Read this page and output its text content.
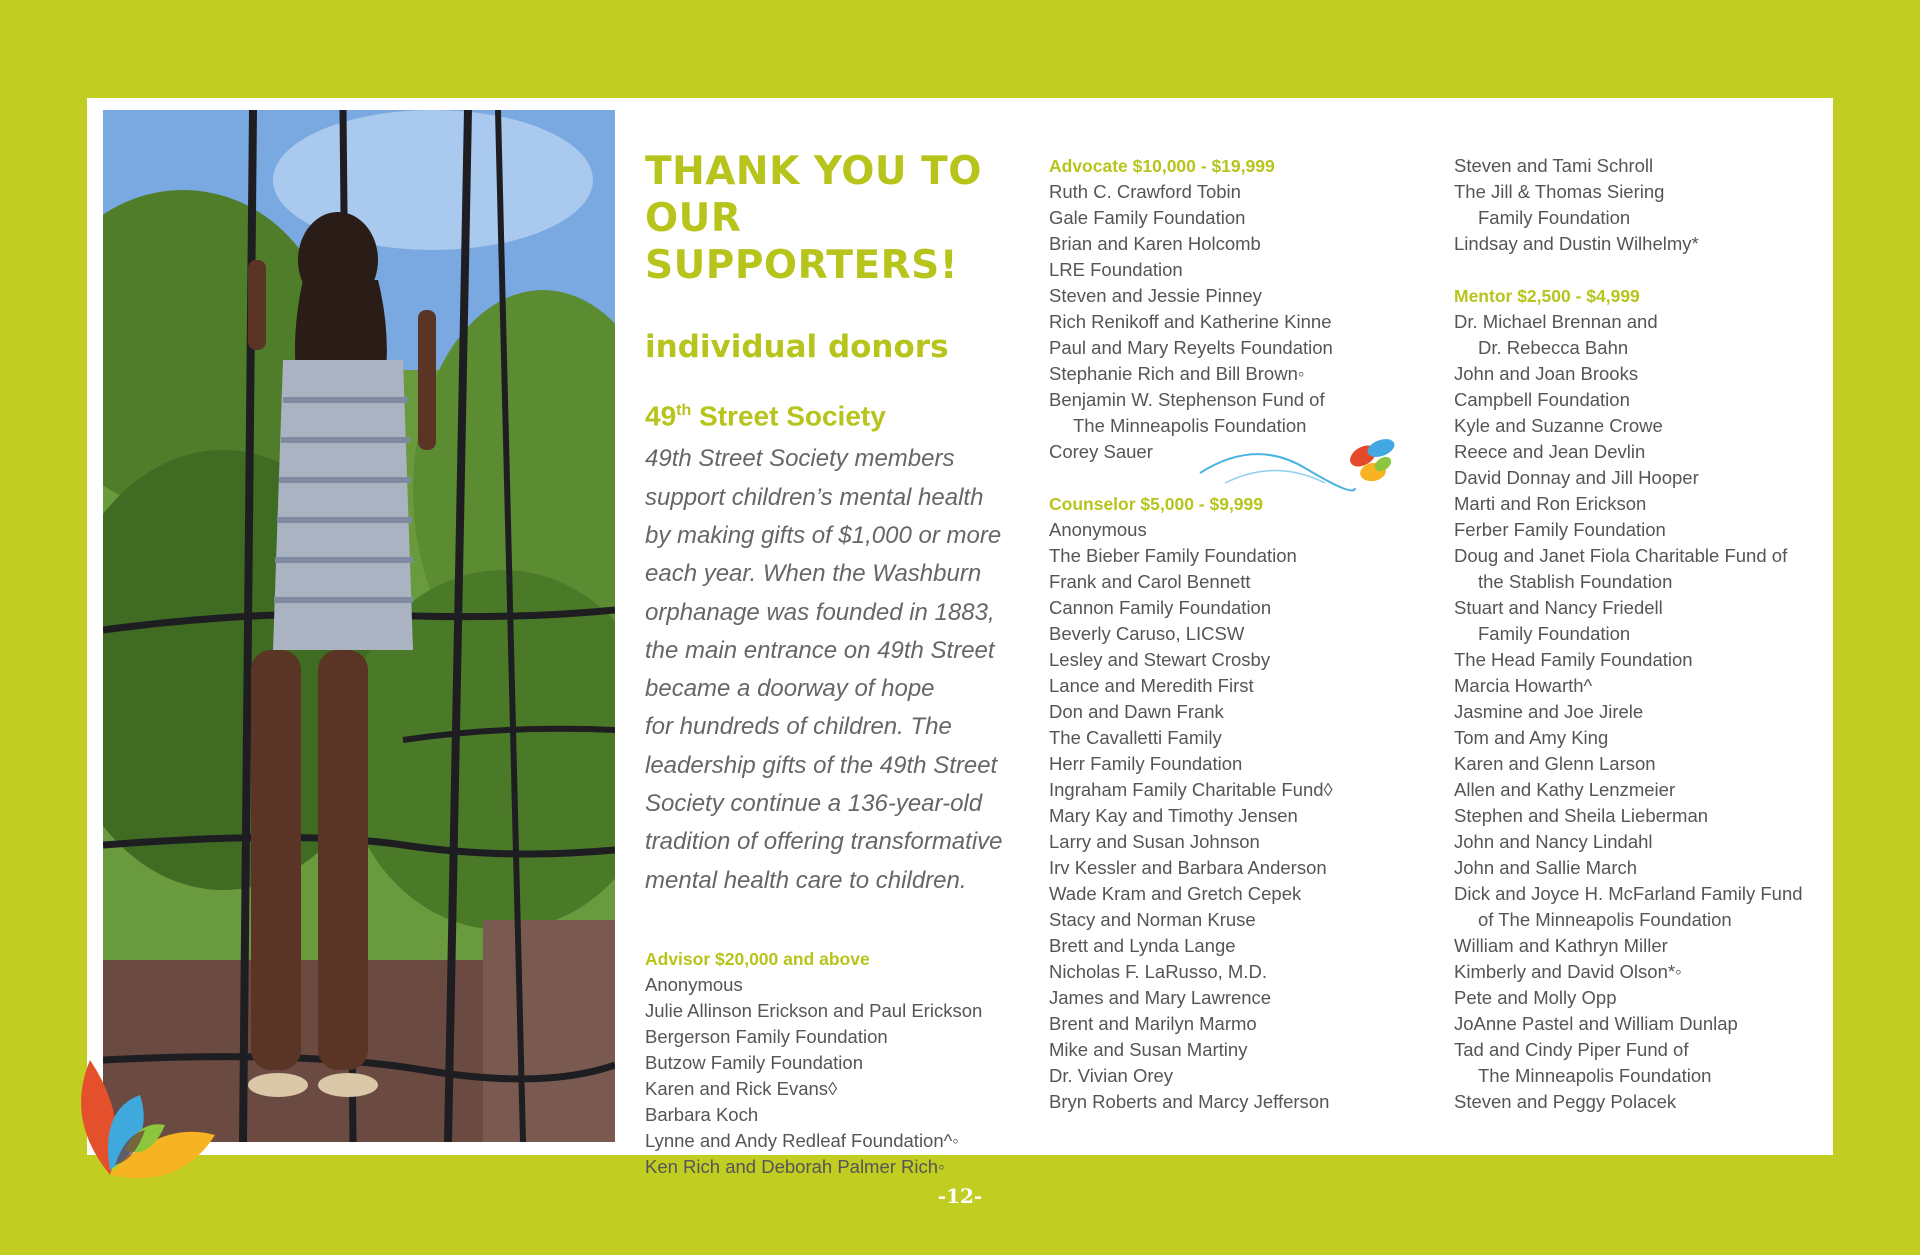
THANK YOU TO
OUR SUPPORTERS!
individual donors
49th Street Society

49th Street Society members
support children’s mental health
by making gifts of $1,000 or more
each year. When the Washburn
orphanage was founded in 1883,
the main entrance on 49th Street
became a doorway of hope
for hundreds of children. The
leadership gifts of the 49th Street
Society continue a 136-year-old
tradition of offering transformative
mental health care to children.

Advisor $20,000 and above
Anonymous
Julie Allinson Erickson and Paul Erickson
Bergerson Family Foundation
Butzow Family Foundation
Karen and Rick Evans◊
Barbara Koch
Lynne and Andy Redleaf Foundation^◦
Ken Rich and Deborah Palmer Rich◦
Advocate $10,000 - $19,999
Ruth C. Crawford Tobin
Gale Family Foundation
Brian and Karen Holcomb
LRE Foundation
Steven and Jessie Pinney
Rich Renikoff and Katherine Kinne
Paul and Mary Reyelts Foundation
Stephanie Rich and Bill Brown◦
Benjamin W. Stephenson Fund of
The Minneapolis Foundation
Corey Sauer
Counselor $5,000 - $9,999
Anonymous
The Bieber Family Foundation
Frank and Carol Bennett
Cannon Family Foundation
Beverly Caruso, LICSW
Lesley and Stewart Crosby
Lance and Meredith First
Don and Dawn Frank
The Cavalletti Family
Herr Family Foundation
Ingraham Family Charitable Fund◊
Mary Kay and Timothy Jensen
Larry and Susan Johnson
Irv Kessler and Barbara Anderson
Wade Kram and Gretch Cepek
Stacy and Norman Kruse
Brett and Lynda Lange
Nicholas F. LaRusso, M.D.
James and Mary Lawrence
Brent and Marilyn Marmo
Mike and Susan Martiny
Dr. Vivian Orey
Bryn Roberts and Marcy Jefferson
Steven and Tami Schroll
The Jill & Thomas Siering
Family Foundation
Lindsay and Dustin Wilhelmy*
Mentor $2,500 - $4,999
Dr. Michael Brennan and
Dr. Rebecca Bahn
John and Joan Brooks
Campbell Foundation
Kyle and Suzanne Crowe
Reece and Jean Devlin
David Donnay and Jill Hooper
Marti and Ron Erickson
Ferber Family Foundation
Doug and Janet Fiola Charitable Fund of
the Stablish Foundation
Stuart and Nancy Friedell
Family Foundation
The Head Family Foundation
Marcia Howarth^
Jasmine and Joe Jirele
Tom and Amy King
Karen and Glenn Larson
Allen and Kathy Lenzmeier
Stephen and Sheila Lieberman
John and Nancy Lindahl
John and Sallie March
Dick and Joyce H. McFarland Family Fund
of The Minneapolis Foundation
William and Kathryn Miller
Kimberly and David Olson*◦
Pete and Molly Opp
JoAnne Pastel and William Dunlap
Tad and Cindy Piper Fund of
The Minneapolis Foundation
Steven and Peggy Polacek
-12-
